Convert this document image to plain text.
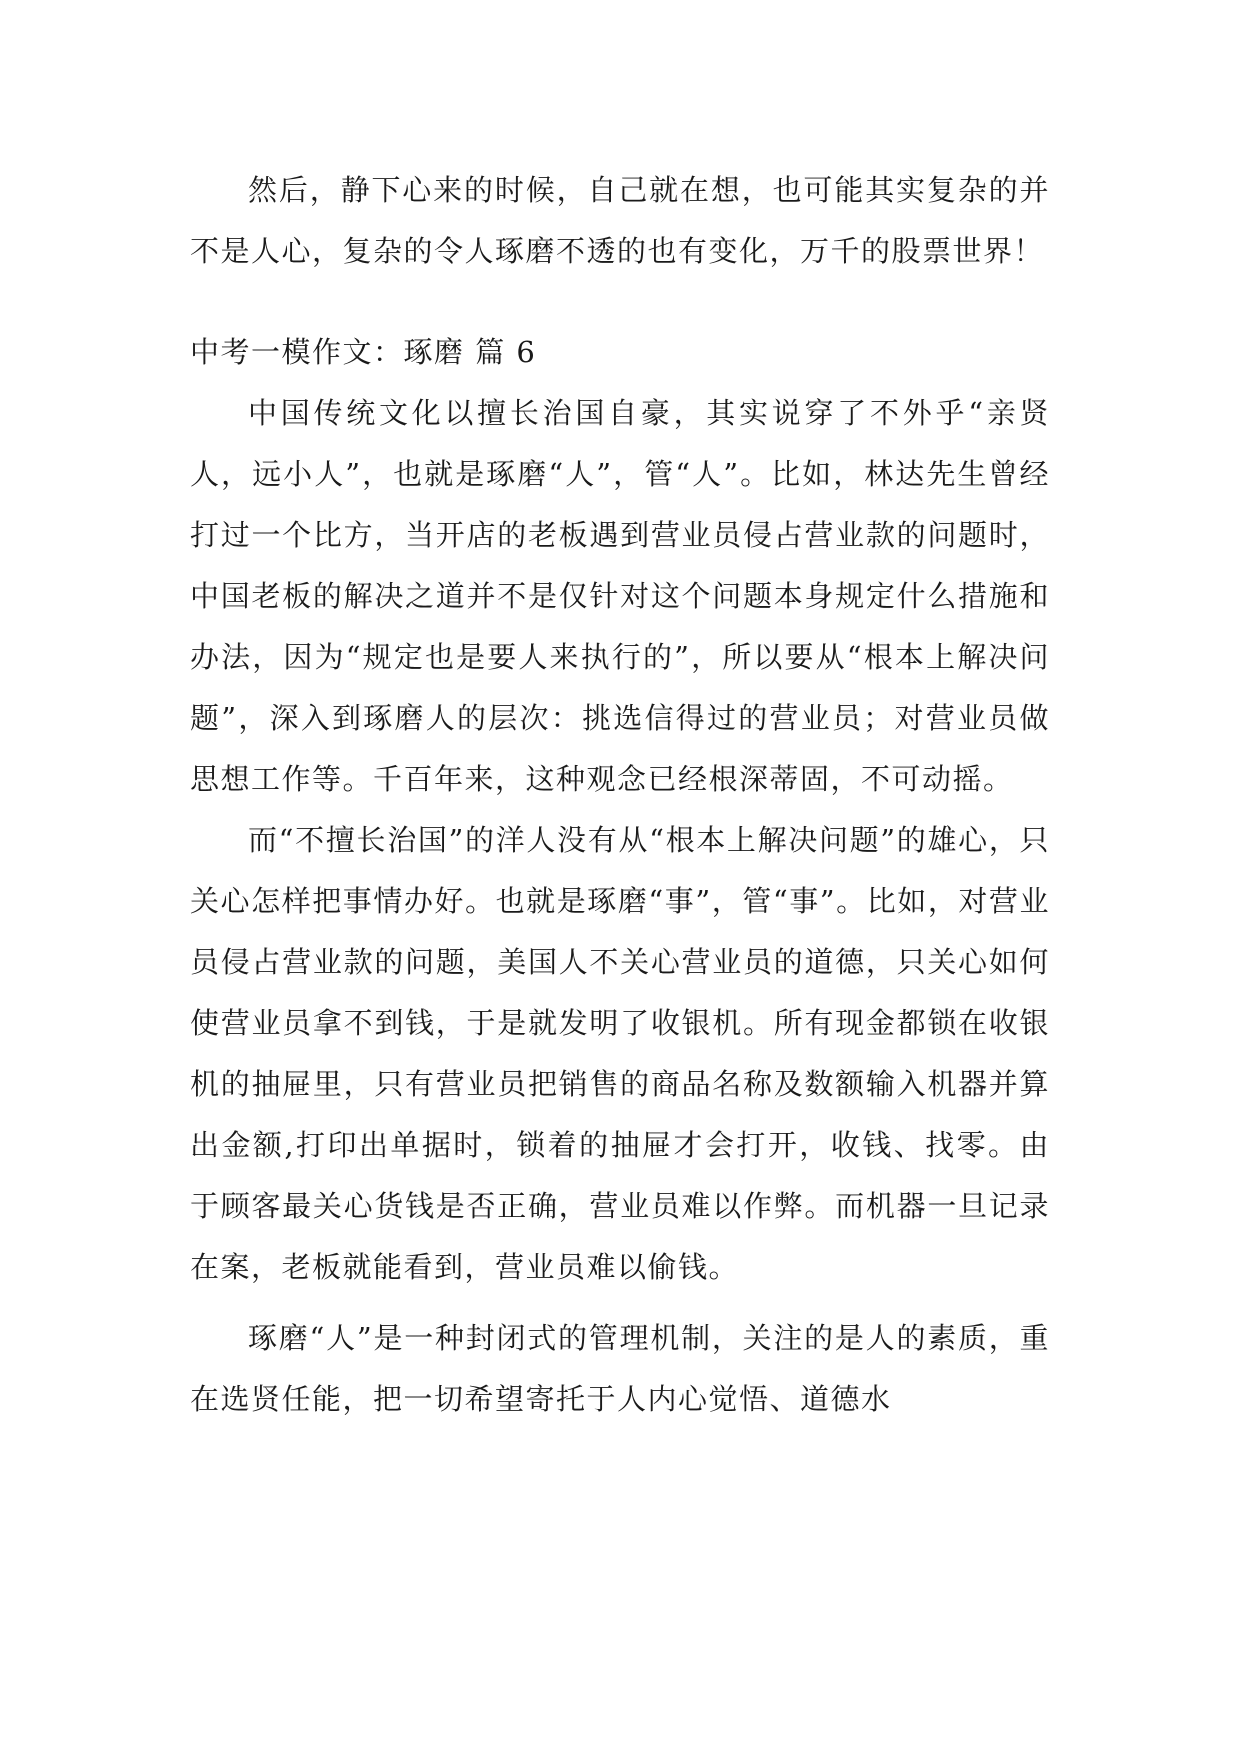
然后，静下心来的时候，自己就在想，也可能其实复杂的并不是人心，复杂的令人琢磨不透的也有变化，万千的股票世界！

中考一模作文：琢磨 篇 6

中国传统文化以擅长治国自豪，其实说穿了不外乎“亲贤人，远小人”，也就是琢磨“人”，管“人”。比如，林达先生曾经打过一个比方，当开店的老板遇到营业员侵占营业款的问题时，中国老板的解决之道并不是仅针对这个问题本身规定什么措施和办法，因为“规定也是要人来执行的”，所以要从“根本上解决问题”，深入到琢磨人的层次：挑选信得过的营业员；对营业员做思想工作等。千百年来，这种观念已经根深蒂固，不可动摇。

而“不擅长治国”的洋人没有从“根本上解决问题”的雄心，只关心怎样把事情办好。也就是琢磨“事”，管“事”。比如，对营业员侵占营业款的问题，美国人不关心营业员的道德，只关心如何使营业员拿不到钱，于是就发明了收银机。所有现金都锁在收银机的抽屉里，只有营业员把销售的商品名称及数额输入机器并算出金额,打印出单据时，锁着的抽屉才会打开，收钱、找零。由于顾客最关心货钱是否正确，营业员难以作弊。而机器一旦记录在案，老板就能看到，营业员难以偷钱。

琢磨“人”是一种封闭式的管理机制，关注的是人的素质，重在选贤任能，把一切希望寄托于人内心觉悟、道德水
